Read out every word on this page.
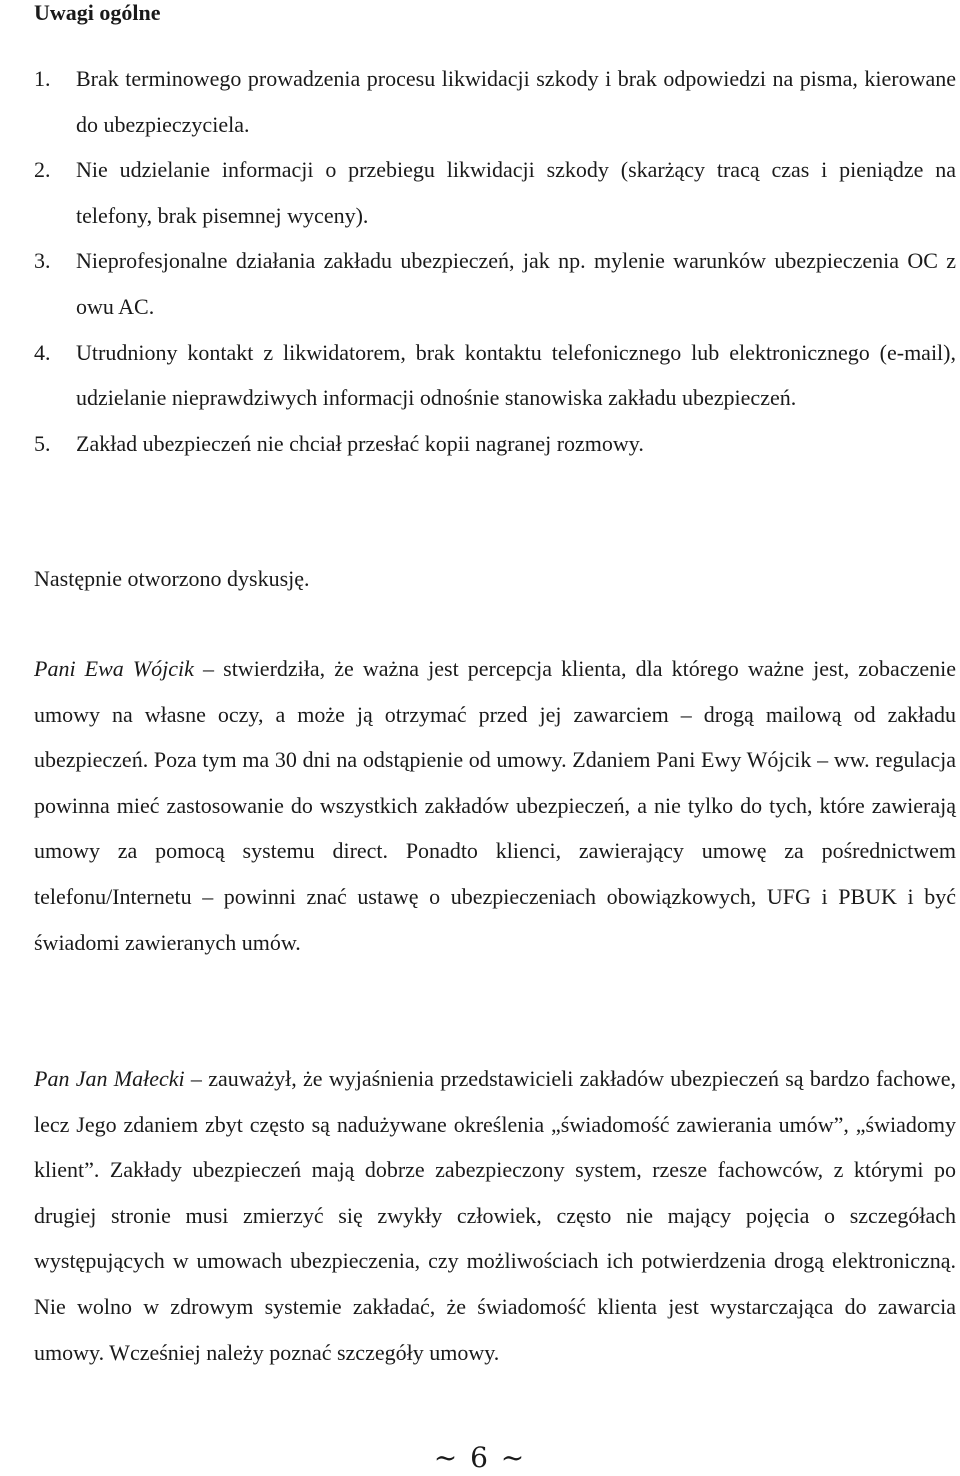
Uwagi ogólne
1. Brak terminowego prowadzenia procesu likwidacji szkody i brak odpowiedzi na pisma, kierowane do ubezpieczyciela.
2. Nie udzielanie informacji o przebiegu likwidacji szkody (skarżący tracą czas i pieniądze na telefony, brak pisemnej wyceny).
3. Nieprofesjonalne działania zakładu ubezpieczeń, jak np. mylenie warunków ubezpieczenia OC z owu AC.
4. Utrudniony kontakt z likwidatorem, brak kontaktu telefonicznego lub elektronicznego (e-mail), udzielanie nieprawdziwych informacji odnośnie stanowiska zakładu ubezpieczeń.
5. Zakład ubezpieczeń nie chciał przesłać kopii nagranej rozmowy.

Następnie otworzono dyskusję.

Pani Ewa Wójcik – stwierdziła, że ważna jest percepcja klienta, dla którego ważne jest, zobaczenie umowy na własne oczy, a może ją otrzymać przed jej zawarciem – drogą mailową od zakładu ubezpieczeń. Poza tym ma 30 dni na odstąpienie od umowy. Zdaniem Pani Ewy Wójcik – ww. regulacja powinna mieć zastosowanie do wszystkich zakładów ubezpieczeń, a nie tylko do tych, które zawierają umowy za pomocą systemu direct. Ponadto klienci, zawierający umowę za pośrednictwem telefonu/Internetu – powinni znać ustawę o ubezpieczeniach obowiązkowych, UFG i PBUK i być świadomi zawieranych umów.

Pan Jan Małecki – zauważył, że wyjaśnienia przedstawicieli zakładów ubezpieczeń są bardzo fachowe, lecz Jego zdaniem zbyt często są nadużywane określenia „świadomość zawierania umów”, „świadomy klient”. Zakłady ubezpieczeń mają dobrze zabezpieczony system, rzesze fachowców, z którymi po drugiej stronie musi zmierzyć się zwykły człowiek, często nie mający pojęcia o szczegółach występujących w umowach ubezpieczenia, czy możliwościach ich potwierdzenia drogą elektroniczną. Nie wolno w zdrowym systemie zakładać, że świadomość klienta jest wystarczająca do zawarcia umowy. Wcześniej należy poznać szczegóły umowy.

~ 6 ~
